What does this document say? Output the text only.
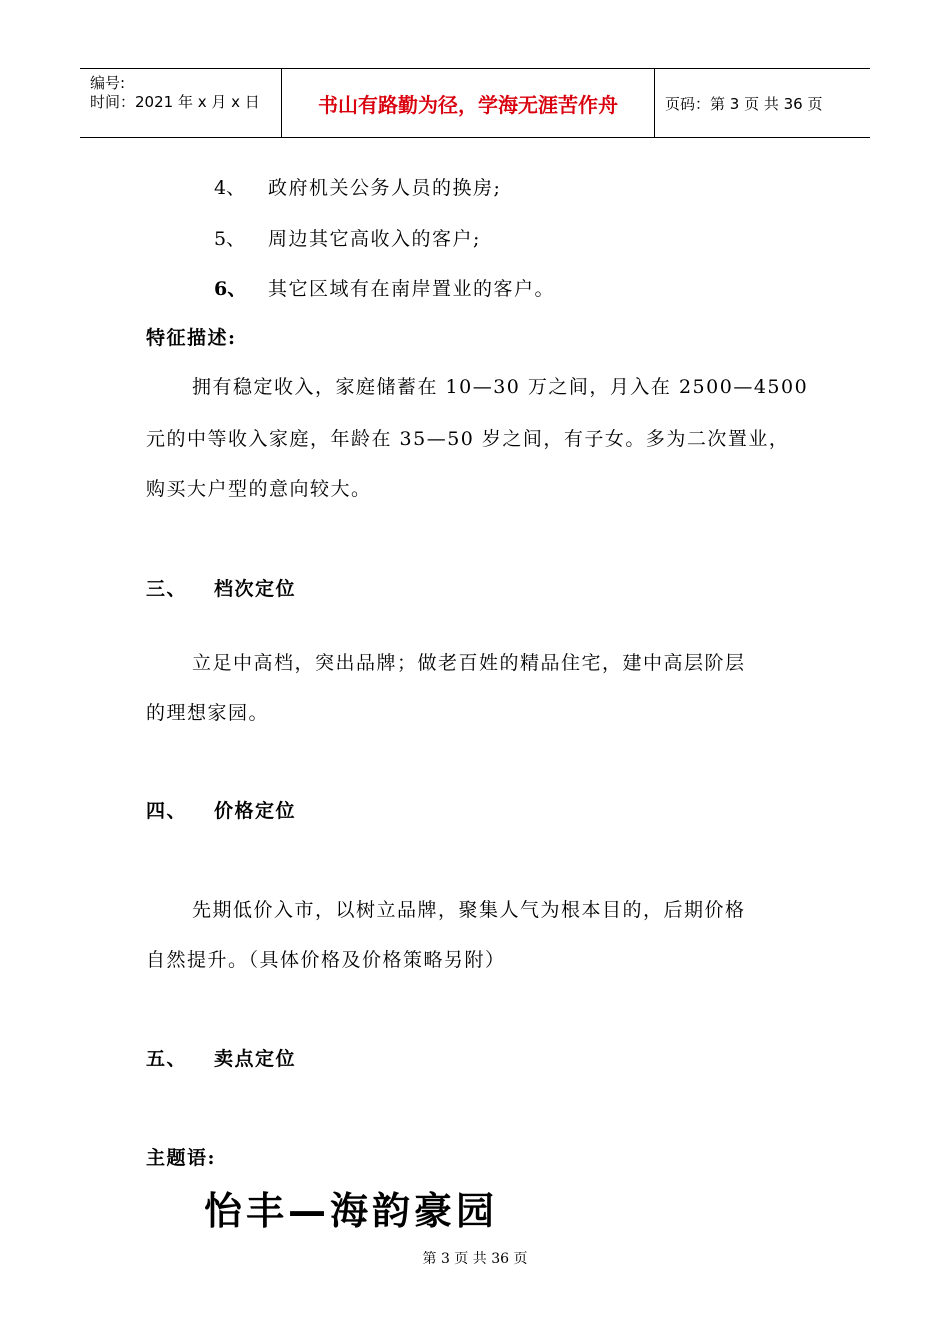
编号:
时间：2021 年 x 月 x 日	书山有路勤为径，学海无涯苦作舟	页码：第 3 页 共 36 页
4、 政府机关公务人员的换房;
5、 周边其它高收入的客户;
6、 其它区域有在南岸置业的客户。
特征描述:
拥有稳定收入，家庭储蓄在 10—30 万之间，月入在 2500—4500
元的中等收入家庭，年龄在 35—50 岁之间，有子女。多为二次置业，
购买大户型的意向较大。
三、 档次定位
立足中高档，突出品牌；做老百姓的精品住宅，建中高层阶层
的理想家园。
四、 价格定位
先期低价入市，以树立品牌，聚集人气为根本目的，后期价格
自然提升。（具体价格及价格策略另附）
五、 卖点定位
主题语:
怡丰—海韵豪园
第 3 页 共 36 页
